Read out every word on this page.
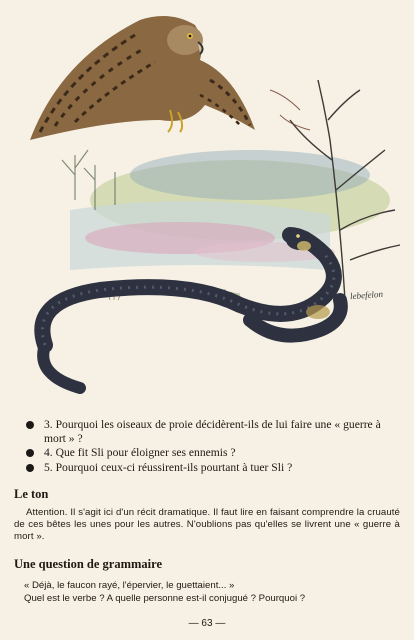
lebefelon
3. Pourquoi les oiseaux de proie décidèrent-ils de lui faire une « guerre à mort » ?
4. Que fit Sli pour éloigner ses ennemis ?
5. Pourquoi ceux-ci réussirent-ils pourtant à tuer Sli ?
Le ton

Attention. Il s'agit ici d'un récit dramatique. Il faut lire en faisant comprendre la cruauté de ces bêtes les unes pour les autres. N'oublions pas qu'elles se livrent une « guerre à mort ».

Une question de grammaire
« Déjà, le faucon rayé, l'épervier, le guettaient... »
Quel est le verbe ? A quelle personne est-il conjugué ? Pourquoi ?
— 63 —
